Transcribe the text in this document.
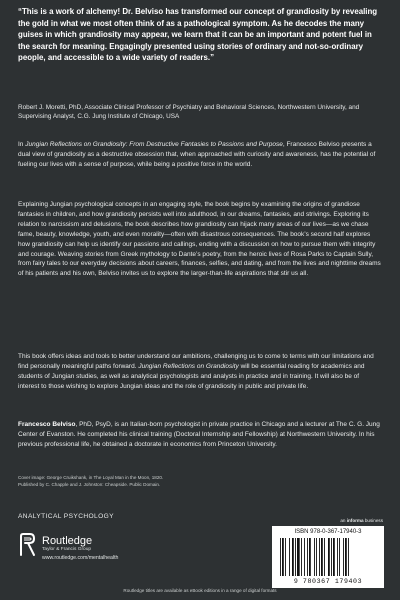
“This is a work of alchemy! Dr. Belviso has transformed our concept of grandiosity by revealing the gold in what we most often think of as a pathological symptom. As he decodes the many guises in which grandiosity may appear, we learn that it can be an important and potent fuel in the search for meaning. Engagingly presented using stories of ordinary and not-so-ordinary people, and accessible to a wide variety of readers.”
Robert J. Moretti, PhD, Associate Clinical Professor of Psychiatry and Behavioral Sciences, Northwestern University, and Supervising Analyst, C.G. Jung Institute of Chicago, USA
In Jungian Reflections on Grandiosity: From Destructive Fantasies to Passions and Purpose, Francesco Belviso presents a dual view of grandiosity as a destructive obsession that, when approached with curiosity and awareness, has the potential of fueling our lives with a sense of purpose, while being a positive force in the world.
Explaining Jungian psychological concepts in an engaging style, the book begins by examining the origins of grandiose fantasies in children, and how grandiosity persists well into adulthood, in our dreams, fantasies, and strivings. Exploring its relation to narcissism and delusions, the book describes how grandiosity can hijack many areas of our lives—as we chase fame, beauty, knowledge, youth, and even morality—often with disastrous consequences. The book’s second half explores how grandiosity can help us identify our passions and callings, ending with a discussion on how to pursue them with integrity and courage. Weaving stories from Greek mythology to Dante’s poetry, from the heroic lives of Rosa Parks to Captain Sully, from fairy tales to our everyday decisions about careers, finances, selfies, and dating, and from the lives and nighttime dreams of his patients and his own, Belviso invites us to explore the larger-than-life aspirations that stir us all.
This book offers ideas and tools to better understand our ambitions, challenging us to come to terms with our limitations and find personally meaningful paths forward. Jungian Reflections on Grandiosity will be essential reading for academics and students of Jungian studies, as well as analytical psychologists and analysts in practice and in training. It will also be of interest to those wishing to explore Jungian ideas and the role of grandiosity in public and private life.
Francesco Belviso, PhD, PsyD, is an Italian-born psychologist in private practice in Chicago and a lecturer at The C. G. Jung Center of Evanston. He completed his clinical training (Doctoral Internship and Fellowship) at Northwestern University. In his previous professional life, he obtained a doctorate in economics from Princeton University.
Cover image: George Cruikshank, in The Loyal Man in the Moon, 1820.
Published by C. Chapple and J. Johnston: Cheapside. Public Domain.
ANALYTICAL PSYCHOLOGY
Routledge
Taylor & Francis Group
www.routledge.com/mentalhealth
an informa business
ISBN 978-0-367-17940-3
9 780367 179403
Routledge titles are available as eBook editions in a range of digital formats
